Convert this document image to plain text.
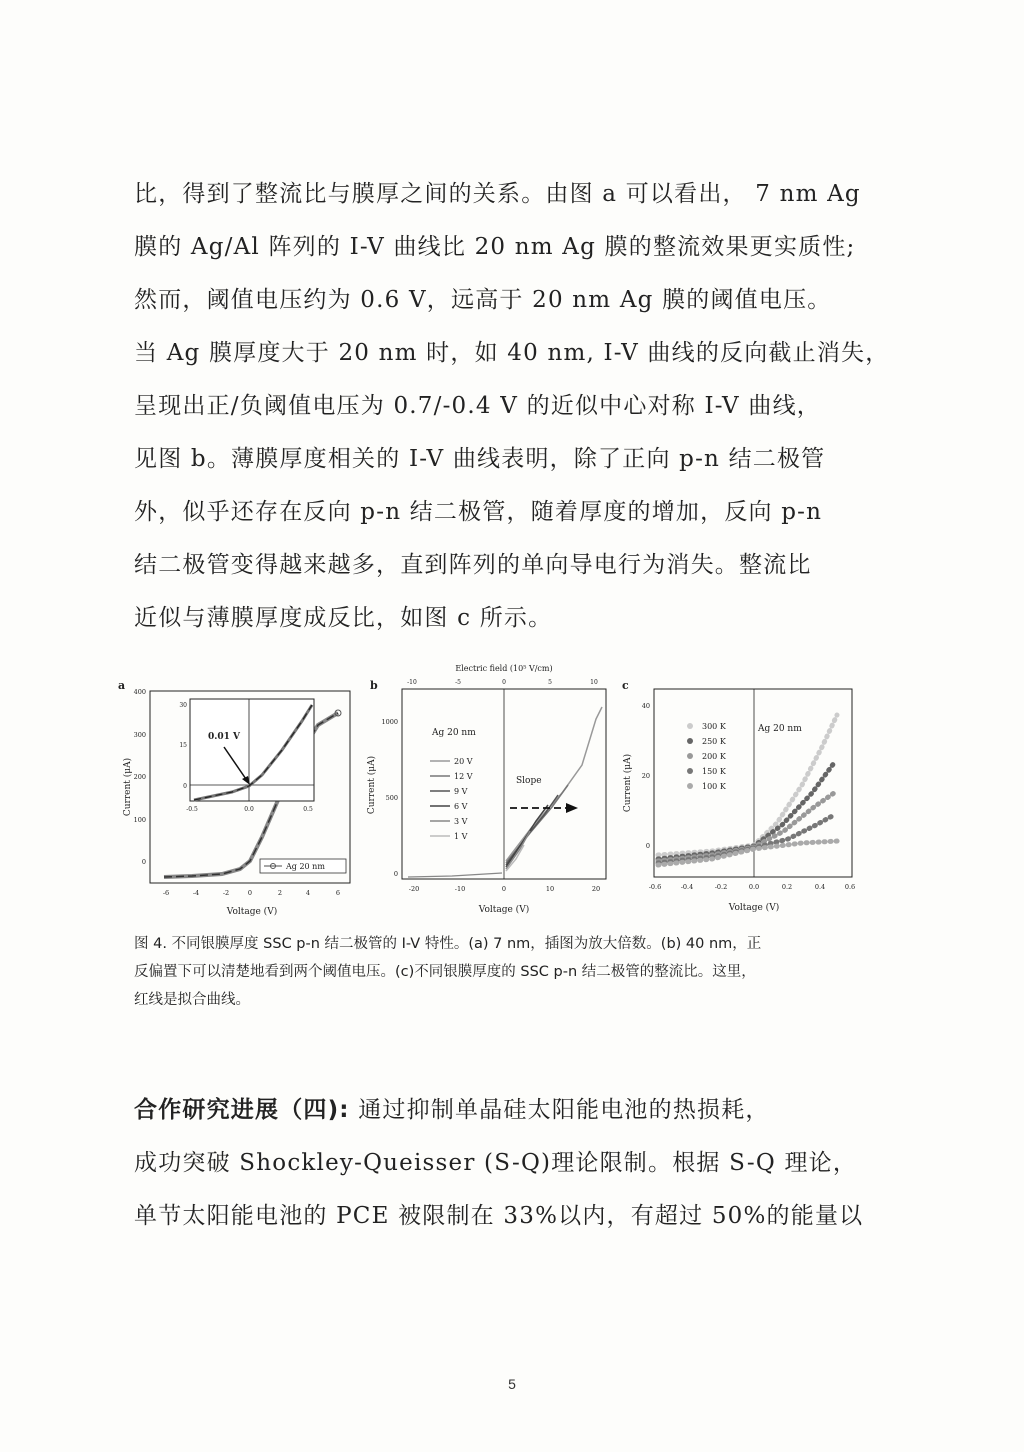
比，得到了整流比与膜厚之间的关系。由图 a 可以看出， 7 nm Ag
膜的 Ag/Al 阵列的 I-V 曲线比 20 nm Ag 膜的整流效果更实质性;
然而，阈值电压约为 0.6 V，远高于 20 nm Ag 膜的阈值电压。
当 Ag 膜厚度大于 20 nm 时，如 40 nm, I-V 曲线的反向截止消失，
呈现出正/负阈值电压为 0.7/-0.4 V 的近似中心对称 I-V 曲线，
见图 b。薄膜厚度相关的 I-V 曲线表明，除了正向 p-n 结二极管
外，似乎还存在反向 p-n 结二极管，随着厚度的增加，反向 p-n
结二极管变得越来越多，直到阵列的单向导电行为消失。整流比
近似与薄膜厚度成反比，如图 c 所示。
a
0
100
200
300
400
-6	-4	-2	0	2	4	6
Voltage (V)
Current (μA)
Ag 20 nm
0.01 V
0
15
30
-0.5	0.0	0.5
b
Electric field (10⁵ V/cm)
-10	-5	0	5	10
1000
500
0
-20	-10	0	10	20
Voltage (V)
Current (μA)
Ag 20 nm
20 V
12 V
9 V
6 V
3 V
1 V
Slope
c
0
20
40
-0.6	-0.4	-0.2	0.0	0.2	0.4	0.6
Voltage (V)
Current (μA)
Ag 20 nm
300 K
250 K
200 K
150 K
100 K
图 4. 不同银膜厚度 SSC p-n 结二极管的 I-V 特性。(a) 7 nm，插图为放大倍数。(b) 40 nm，正
反偏置下可以清楚地看到两个阈值电压。(c)不同银膜厚度的 SSC p-n 结二极管的整流比。这里，
红线是拟合曲线。
合作研究进展（四): 通过抑制单晶硅太阳能电池的热损耗，
成功突破 Shockley-Queisser (S-Q)理论限制。根据 S-Q 理论，
单节太阳能电池的 PCE 被限制在 33%以内，有超过 50%的能量以
5
